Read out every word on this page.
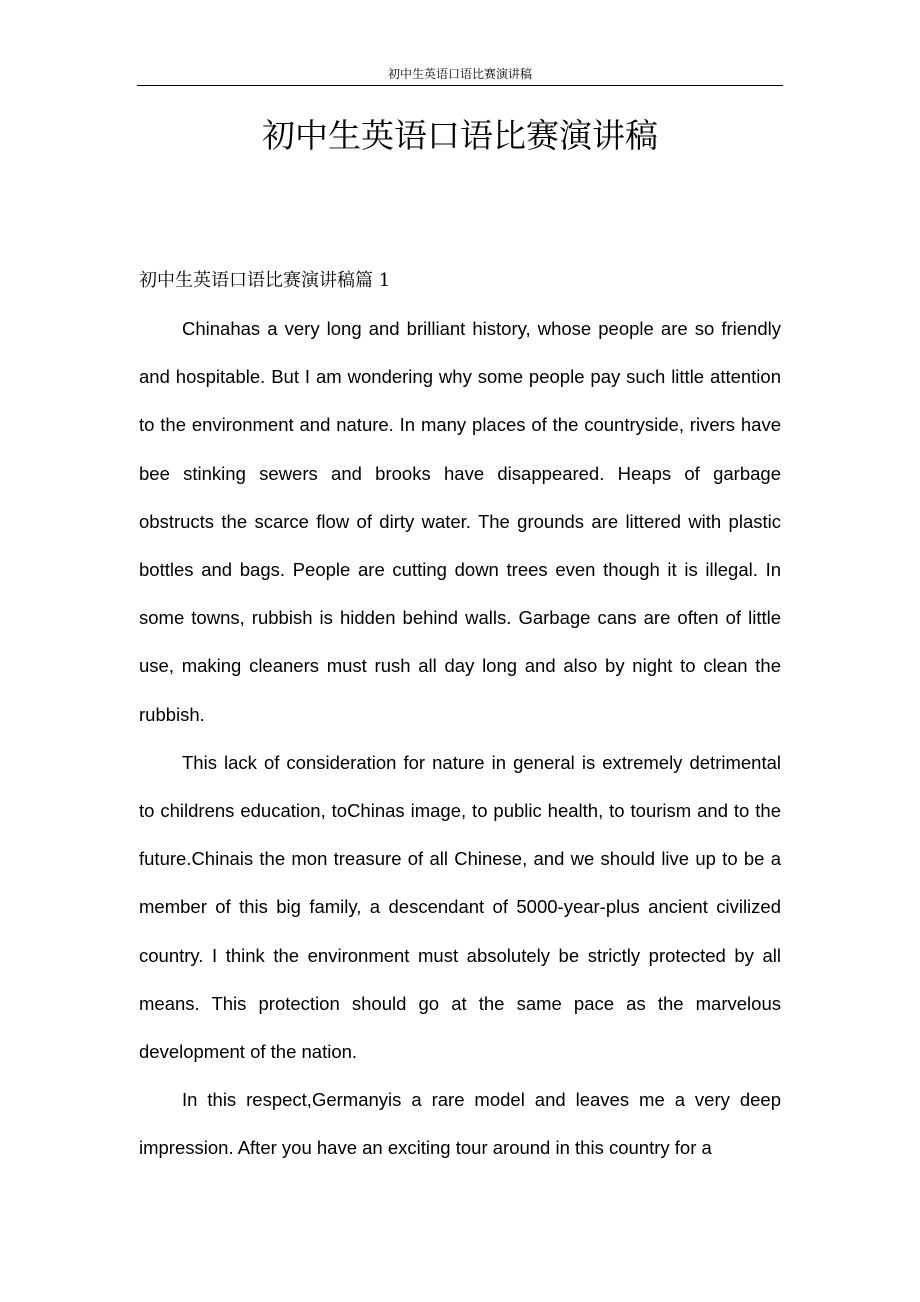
初中生英语口语比赛演讲稿
初中生英语口语比赛演讲稿
初中生英语口语比赛演讲稿篇 1

Chinahas a very long and brilliant history, whose people are so friendly and hospitable. But I am wondering why some people pay such little attention to the environment and nature. In many places of the countryside, rivers have bee stinking sewers and brooks have disappeared. Heaps of garbage obstructs the scarce flow of dirty water. The grounds are littered with plastic bottles and bags. People are cutting down trees even though it is illegal. In some towns, rubbish is hidden behind walls. Garbage cans are often of little use, making cleaners must rush all day long and also by night to clean the rubbish.

This lack of consideration for nature in general is extremely detrimental to childrens education, toChinas image, to public health, to tourism and to the future.Chinais the mon treasure of all Chinese, and we should live up to be a member of this big family, a descendant of 5000-year-plus ancient civilized country. I think the environment must absolutely be strictly protected by all means. This protection should go at the same pace as the marvelous development of the nation.

In this respect,Germanyis a rare model and leaves me a very deep impression. After you have an exciting tour around in this country for a
